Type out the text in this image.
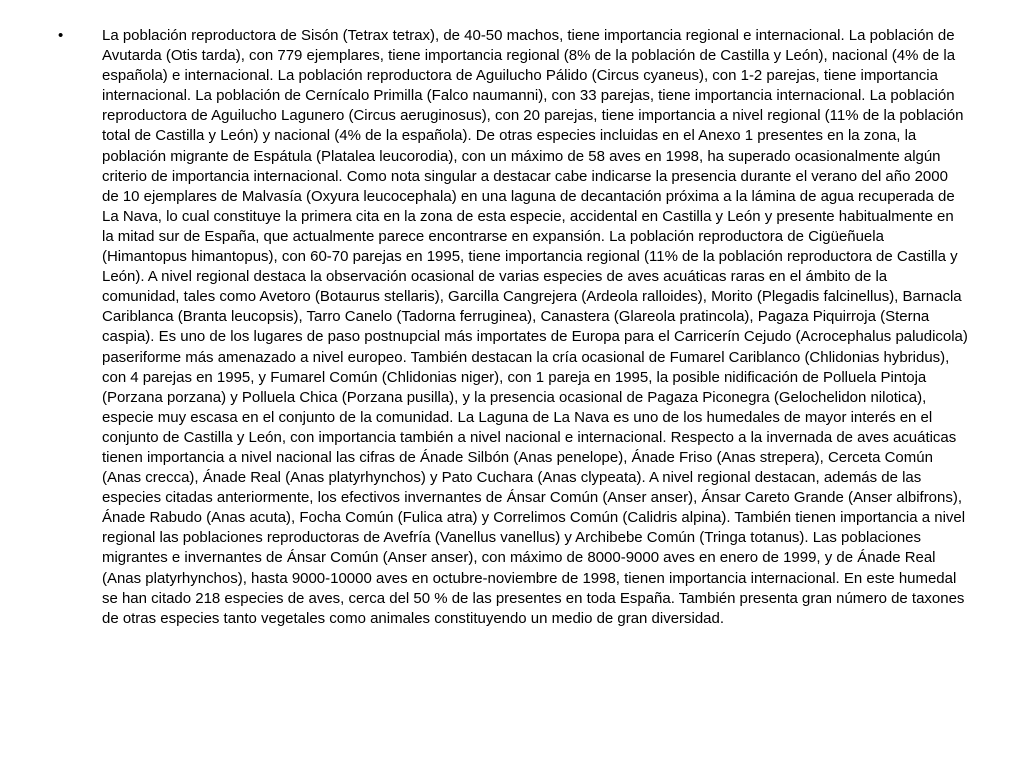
•	La población reproductora de Sisón (Tetrax tetrax), de 40-50 machos, tiene importancia regional e internacional. La población de Avutarda (Otis tarda), con 779 ejemplares, tiene importancia regional (8% de la población de Castilla y León), nacional (4% de la española) e internacional. La población reproductora de Aguilucho Pálido (Circus cyaneus), con 1-2 parejas, tiene importancia internacional. La población de Cernícalo Primilla (Falco naumanni), con 33 parejas, tiene importancia internacional. La población reproductora de Aguilucho Lagunero (Circus aeruginosus), con 20 parejas, tiene importancia a nivel regional (11% de la población total de Castilla y León) y nacional (4% de la española). De otras especies incluidas en el Anexo 1 presentes en la zona, la población migrante de Espátula (Platalea leucorodia), con un máximo de 58 aves en 1998, ha superado ocasionalmente algún criterio de importancia internacional. Como nota singular a destacar cabe indicarse la presencia durante el verano del año 2000 de 10 ejemplares de Malvasía (Oxyura leucocephala) en una laguna de decantación próxima a la lámina de agua recuperada de La Nava, lo cual constituye la primera cita en la zona de esta especie, accidental en Castilla y León y presente habitualmente en la mitad sur de España, que actualmente parece encontrarse en expansión. La población reproductora de Cigüeñuela (Himantopus himantopus), con 60-70 parejas en 1995, tiene importancia regional (11% de la población reproductora de Castilla y León). A nivel regional destaca la observación ocasional de varias especies de aves acuáticas raras en el ámbito de la comunidad, tales como Avetoro (Botaurus stellaris), Garcilla Cangrejera (Ardeola ralloides), Morito (Plegadis falcinellus), Barnacla Cariblanca (Branta leucopsis), Tarro Canelo (Tadorna ferruginea), Canastera (Glareola pratincola), Pagaza Piquirroja (Sterna caspia). Es uno de los lugares de paso postnupcial más importates de Europa para el Carricerín Cejudo (Acrocephalus paludicola) paseriforme más amenazado a nivel europeo. También destacan la cría ocasional de Fumarel Cariblanco (Chlidonias hybridus), con 4 parejas en 1995, y Fumarel Común (Chlidonias niger), con 1 pareja en 1995, la posible nidificación de Polluela Pintoja (Porzana porzana) y Polluela Chica (Porzana pusilla), y la presencia ocasional de Pagaza Piconegra (Gelochelidon nilotica), especie muy escasa en el conjunto de la comunidad. La Laguna de La Nava es uno de los humedales de mayor interés en el conjunto de Castilla y León, con importancia también a nivel nacional e internacional. Respecto a la invernada de aves acuáticas tienen importancia a nivel nacional las cifras de Ánade Silbón (Anas penelope), Ánade Friso (Anas strepera), Cerceta Común (Anas crecca), Ánade Real (Anas platyrhynchos) y Pato Cuchara (Anas clypeata). A nivel regional destacan, además de las especies citadas anteriormente, los efectivos invernantes de Ánsar Común (Anser anser), Ánsar Careto Grande (Anser albifrons), Ánade Rabudo (Anas acuta), Focha Común (Fulica atra) y Correlimos Común (Calidris alpina). También tienen importancia a nivel regional las poblaciones reproductoras de Avefría (Vanellus vanellus) y Archibebe Común (Tringa totanus). Las poblaciones migrantes e invernantes de Ánsar Común (Anser anser), con máximo de 8000-9000 aves en enero de 1999, y de Ánade Real (Anas platyrhynchos), hasta 9000-10000 aves en octubre-noviembre de 1998, tienen importancia internacional. En este humedal se han citado 218 especies de aves, cerca del 50 % de las presentes en toda España. También presenta gran número de taxones de otras especies tanto vegetales como animales constituyendo un medio de gran diversidad.
